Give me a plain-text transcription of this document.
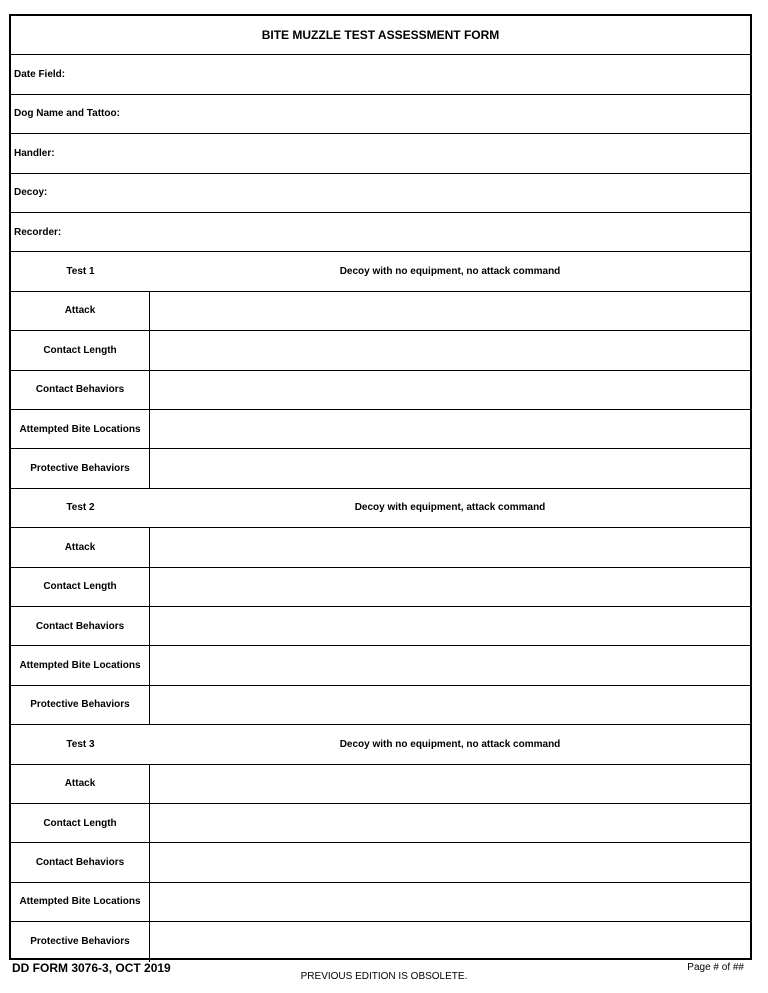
BITE MUZZLE TEST ASSESSMENT FORM
Date Field:
Dog Name and Tattoo:
Handler:
Decoy:
Recorder:
Test 1	Decoy with no equipment, no attack command
Attack
Contact Length
Contact Behaviors
Attempted Bite Locations
Protective Behaviors
Test 2	Decoy with equipment, attack command
Attack
Contact Length
Contact Behaviors
Attempted Bite Locations
Protective Behaviors
Test 3	Decoy with no equipment, no attack command
Attack
Contact Length
Contact Behaviors
Attempted Bite Locations
Protective Behaviors
DD FORM 3076-3, OCT 2019
PREVIOUS EDITION IS OBSOLETE.
Page # of ##
